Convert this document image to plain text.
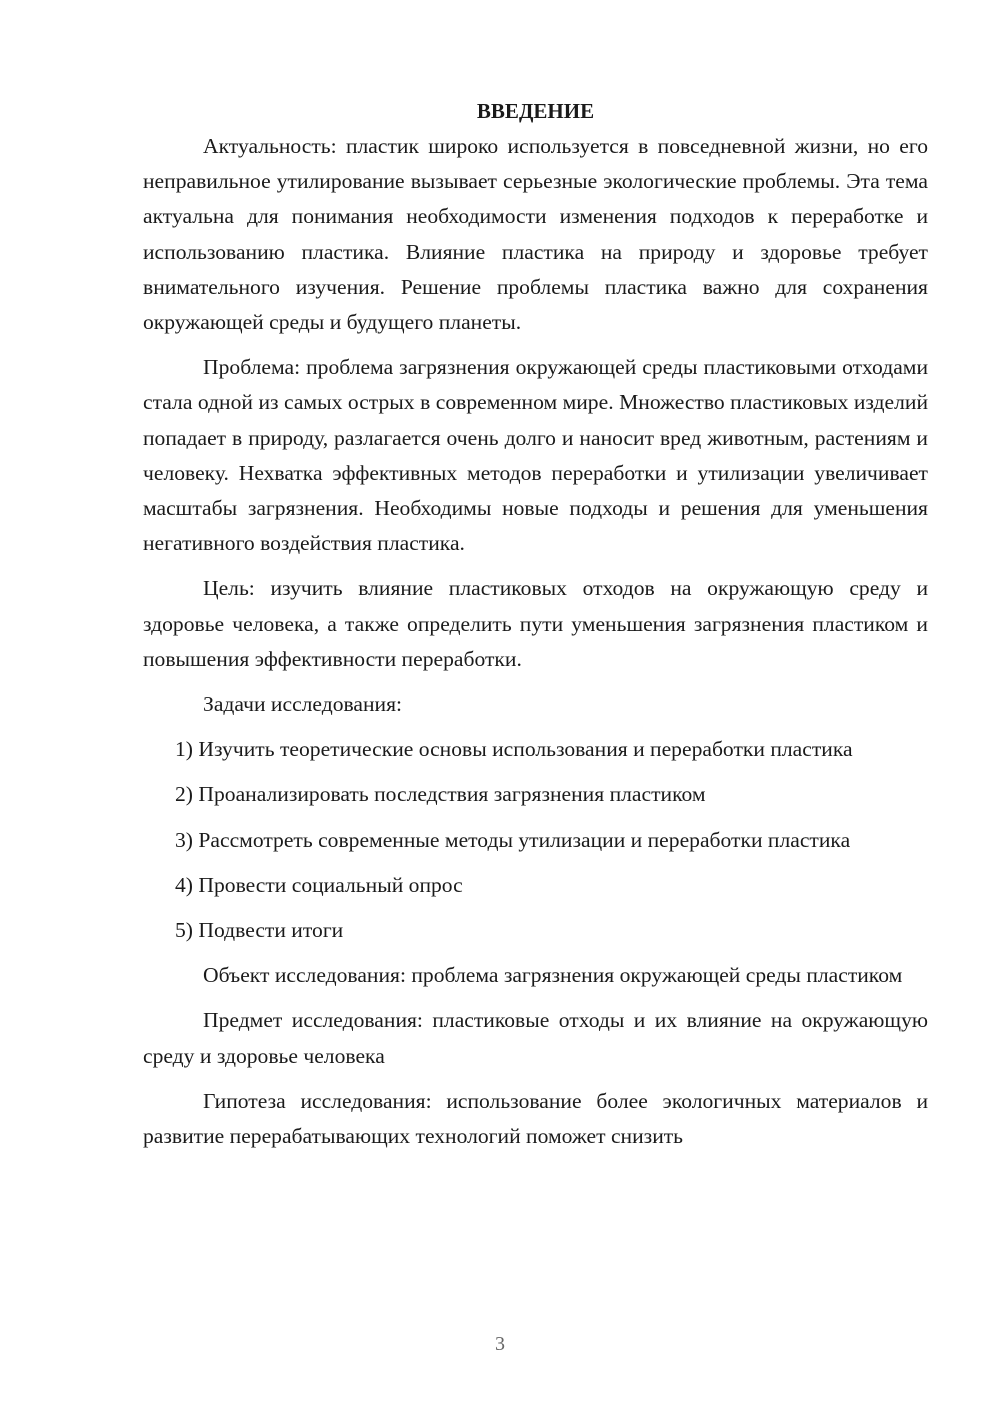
ВВЕДЕНИЕ

Актуальность: пластик широко используется в повседневной жизни, но его неправильное утилирование вызывает серьезные экологические проблемы. Эта тема актуальна для понимания необходимости изменения подходов к переработке и использованию пластика. Влияние пластика на природу и здоровье требует внимательного изучения. Решение проблемы пластика важно для сохранения окружающей среды и будущего планеты.

Проблема: проблема загрязнения окружающей среды пластиковыми отходами стала одной из самых острых в современном мире. Множество пластиковых изделий попадает в природу, разлагается очень долго и наносит вред животным, растениям и человеку. Нехватка эффективных методов переработки и утилизации увеличивает масштабы загрязнения. Необходимы новые подходы и решения для уменьшения негативного воздействия пластика.

Цель: изучить влияние пластиковых отходов на окружающую среду и здоровье человека, а также определить пути уменьшения загрязнения пластиком и повышения эффективности переработки.

Задачи исследования:

1) Изучить теоретические основы использования и переработки пластика

2) Проанализировать последствия загрязнения пластиком

3) Рассмотреть современные методы утилизации и переработки пластика

4) Провести социальный опрос

5) Подвести итоги

Объект исследования: проблема загрязнения окружающей среды пластиком

Предмет исследования: пластиковые отходы и их влияние на окружающую среду и здоровье человека

Гипотеза исследования: использование более экологичных материалов и развитие перерабатывающих технологий поможет снизить

3
